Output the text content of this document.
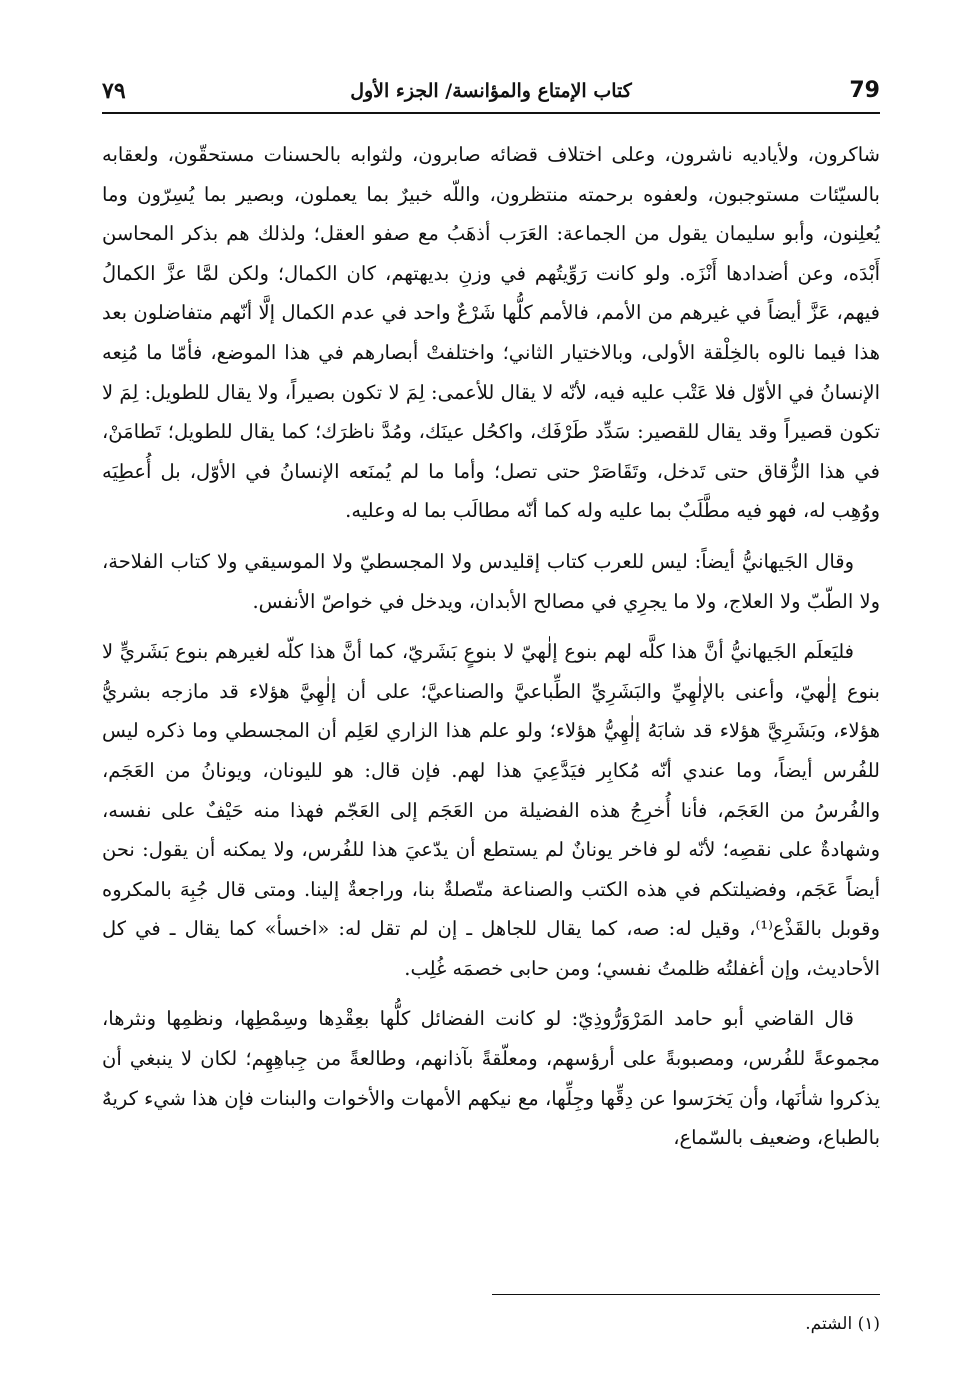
79
كتاب الإمتاع والمؤانسة/ الجزء الأول
٧٩

شاكرون، ولأياديه ناشرون، وعلى اختلاف قضائه صابرون، ولثوابه بالحسنات مستحقّون، ولعقابه بالسيّئات مستوجبون، ولعفوه برحمته منتظرون، واللّه خبيرٌ بما يعملون، وبصير بما يُسِرّون وما يُعلِنون، وأبو سليمان يقول من الجماعة: العَرَب أذهَبُ مع صفو العقل؛ ولذلك هم بذكر المحاسن أَبْدَه، وعن أضدادها أَنْزَه. ولو كانت رَوِّيتُهم في وزنِ بديهتهم، كان الكمال؛ ولكن لمَّا عزَّ الكمالُ فيهم، عَزَّ أيضاً في غيرهم من الأمم، فالأمم كلُّها شَرْعٌ واحد في عدم الكمال إلَّا أنّهم متفاضلون بعد هذا فيما نالوه بالخِلْقة الأولى، وبالاختيار الثاني؛ واختلفتْ أبصارهم في هذا الموضع، فأمّا ما مُنِعه الإنسانُ في الأوّل فلا عَتْب عليه فيه، لأنّه لا يقال للأعمى: لِمَ لا تكون بصيراً، ولا يقال للطويل: لِمَ لا تكون قصيراً وقد يقال للقصير: سَدِّد طَرْفَك، واكحُل عينَك، ومُدَّ ناظرَك؛ كما يقال للطويل؛ تَطامَنْ، في هذا الزُّقاق حتى تَدخل، وتَقَاصَرْ حتى تصل؛ وأما ما لم يُمنَعه الإنسانُ في الأوّل، بل أُعطِيَه ووُهِب له، فهو فيه مطَّلَبٌ بما عليه وله كما أنّه مطالَب بما له وعليه.

وقال الجَيهانيُّ أيضاً: ليس للعرب كتاب إقليدس ولا المجسطيّ ولا الموسيقي ولا كتاب الفلاحة، ولا الطّبّ ولا العلاج، ولا ما يجرِي في مصالح الأبدان، ويدخل في خواصّ الأنفس.

فليَعلَم الجَيهانيُّ أنَّ هذا كلَّه لهم بنوع إلٰهيّ لا بنوعٍ بَشَريّ، كما أنَّ هذا كلّه لغيرهم بنوع بَشَريٍّ لا بنوع إلٰهيّ، وأعنى بالإلٰهِيِّ والبَشَرِيِّ الطِّباعيَّ والصناعيَّ؛ على أن إلٰهِيَّ هؤلاء قد مازجه بشريُّ هؤلاء، وبَشَرِيَّ هؤلاء قد شابَهُ إلٰهِيُّ هؤلاء؛ ولو علم هذا الزاري لعَلِم أن المجسطي وما ذكره ليس للفُرس أيضاً، وما عندي أنّه مُكابِر فيَدَّعِيَ هذا لهم. فإن قال: هو لليونان، ويونانُ من العَجَم، والفُرسُ من العَجَم، فأنا أُخرِجُ هذه الفضيلة من العَجَم إلى العَجّم فهذا منه حَيْفٌ على نفسه، وشهادةٌ على نقصِه؛ لأنّه لو فاخر يونانٌ لم يستطع أن يدّعيَ هذا للفُرس، ولا يمكنه أن يقول: نحن أيضاً عَجَم، وفضيلتكم في هذه الكتب والصناعة متّصلةٌ بنا، وراجعةٌ إلينا. ومتى قال جُبِهَ بالمكروه وقوبل بالقَذْع⁽¹⁾، وقيل له: صه، كما يقال للجاهل ـ إن لم تقل له: «اخسأ» كما يقال ـ في كل الأحاديث، وإن أغفلتُه ظلمتُ نفسي؛ ومن حابى خصمَه غُلِب.

قال القاضي أبو حامد المَرْوَرُّوذِيّ: لو كانت الفضائل كلُّها بعِقْدِها وسِمْطِها، ونظمِها ونثرها، مجموعةً للفُرس، ومصبوبةً على أرؤسهم، ومعلّقةً بآذانهم، وطالعةً من جِباهِهِم؛ لكان لا ينبغي أن يذكروا شأنَها، وأن يَخرَسوا عن دِقِّها وجِلِّها، مع نيكهم الأمهات والأخوات والبنات فإن هذا شيء كريهٌ بالطباع، وضعيف بالسّماع،

(١) الشتم.
